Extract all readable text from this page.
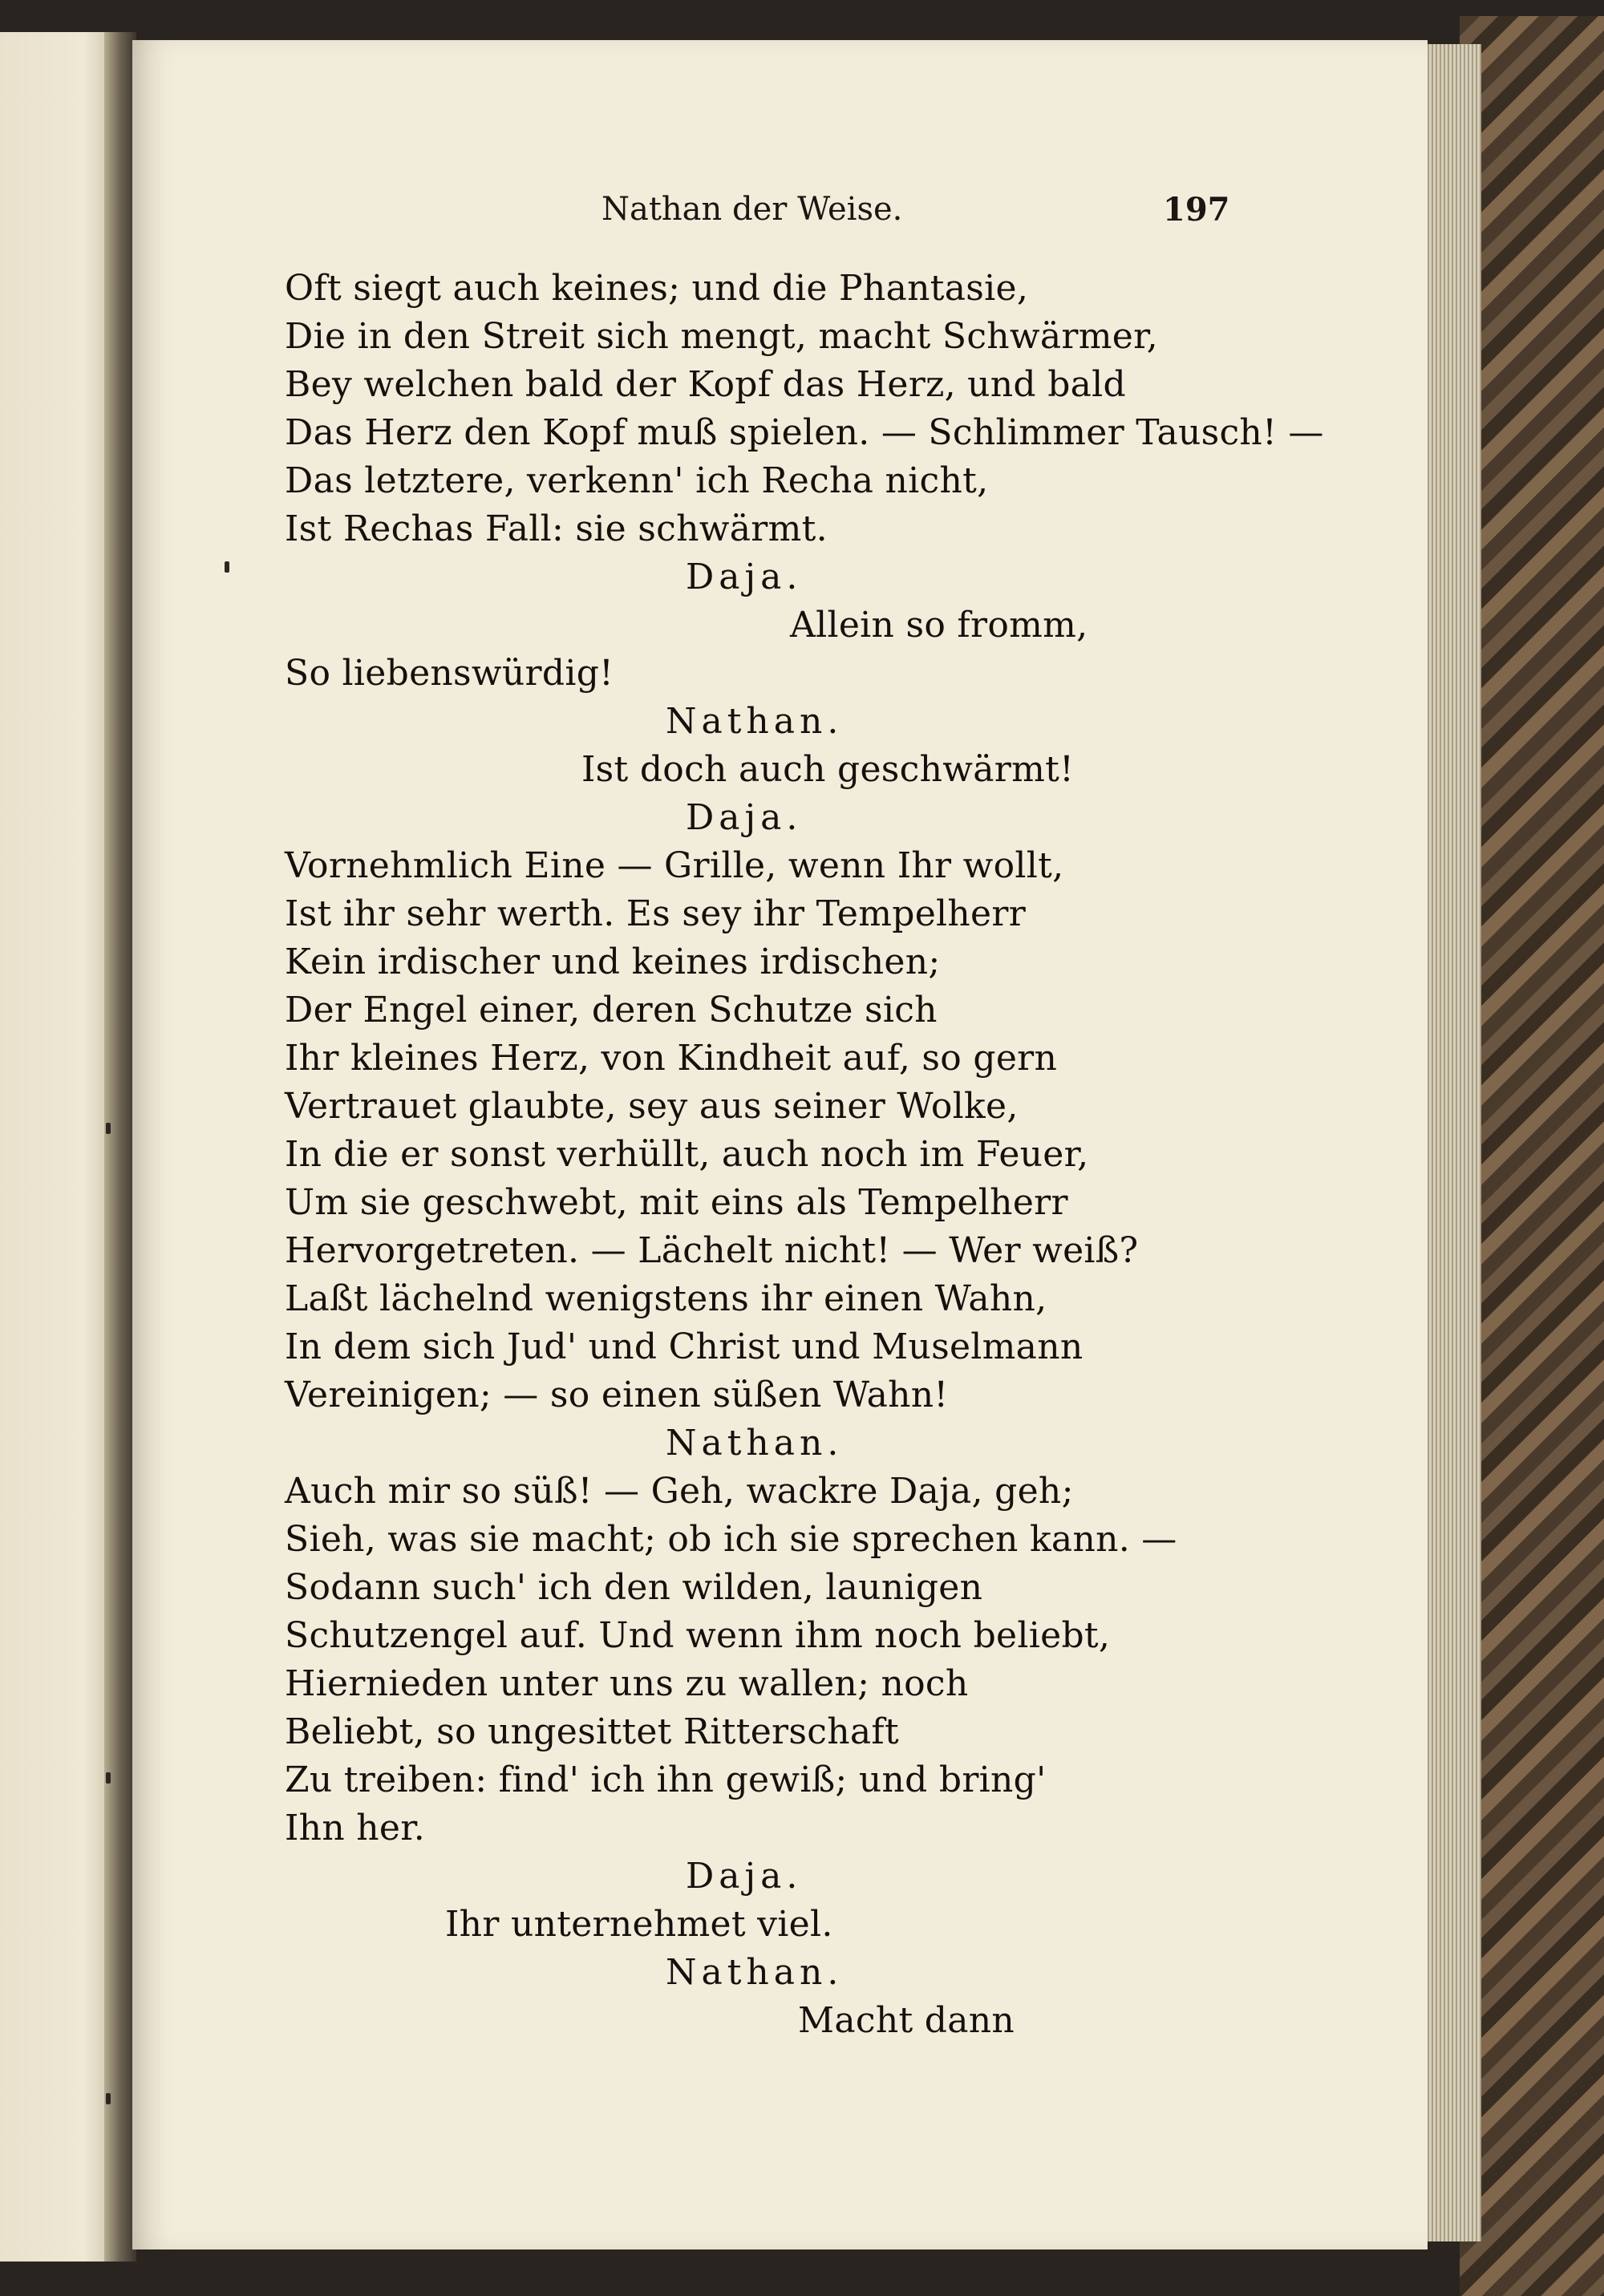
Nathan der Weise.	197
Oft siegt auch keines; und die Phantasie,
Die in den Streit sich mengt, macht Schwärmer,
Bey welchen bald der Kopf das Herz, und bald
Das Herz den Kopf muß spielen. — Schlimmer Tausch! —
Das letztere, verkenn' ich Recha nicht,
Ist Rechas Fall: sie schwärmt.
Daja.
Allein so fromm,
So liebenswürdig!
Nathan.
Ist doch auch geschwärmt!
Daja.
Vornehmlich Eine — Grille, wenn Ihr wollt,
Ist ihr sehr werth. Es sey ihr Tempelherr
Kein irdischer und keines irdischen;
Der Engel einer, deren Schutze sich
Ihr kleines Herz, von Kindheit auf, so gern
Vertrauet glaubte, sey aus seiner Wolke,
In die er sonst verhüllt, auch noch im Feuer,
Um sie geschwebt, mit eins als Tempelherr
Hervorgetreten. — Lächelt nicht! — Wer weiß?
Laßt lächelnd wenigstens ihr einen Wahn,
In dem sich Jud' und Christ und Muselmann
Vereinigen; — so einen süßen Wahn!
Nathan.
Auch mir so süß! — Geh, wackre Daja, geh;
Sieh, was sie macht; ob ich sie sprechen kann. —
Sodann such' ich den wilden, launigen
Schutzengel auf. Und wenn ihm noch beliebt,
Hiernieden unter uns zu wallen; noch
Beliebt, so ungesittet Ritterschaft
Zu treiben: find' ich ihn gewiß; und bring'
Ihn her.
Daja.
Ihr unternehmet viel.
Nathan.
Macht dann
